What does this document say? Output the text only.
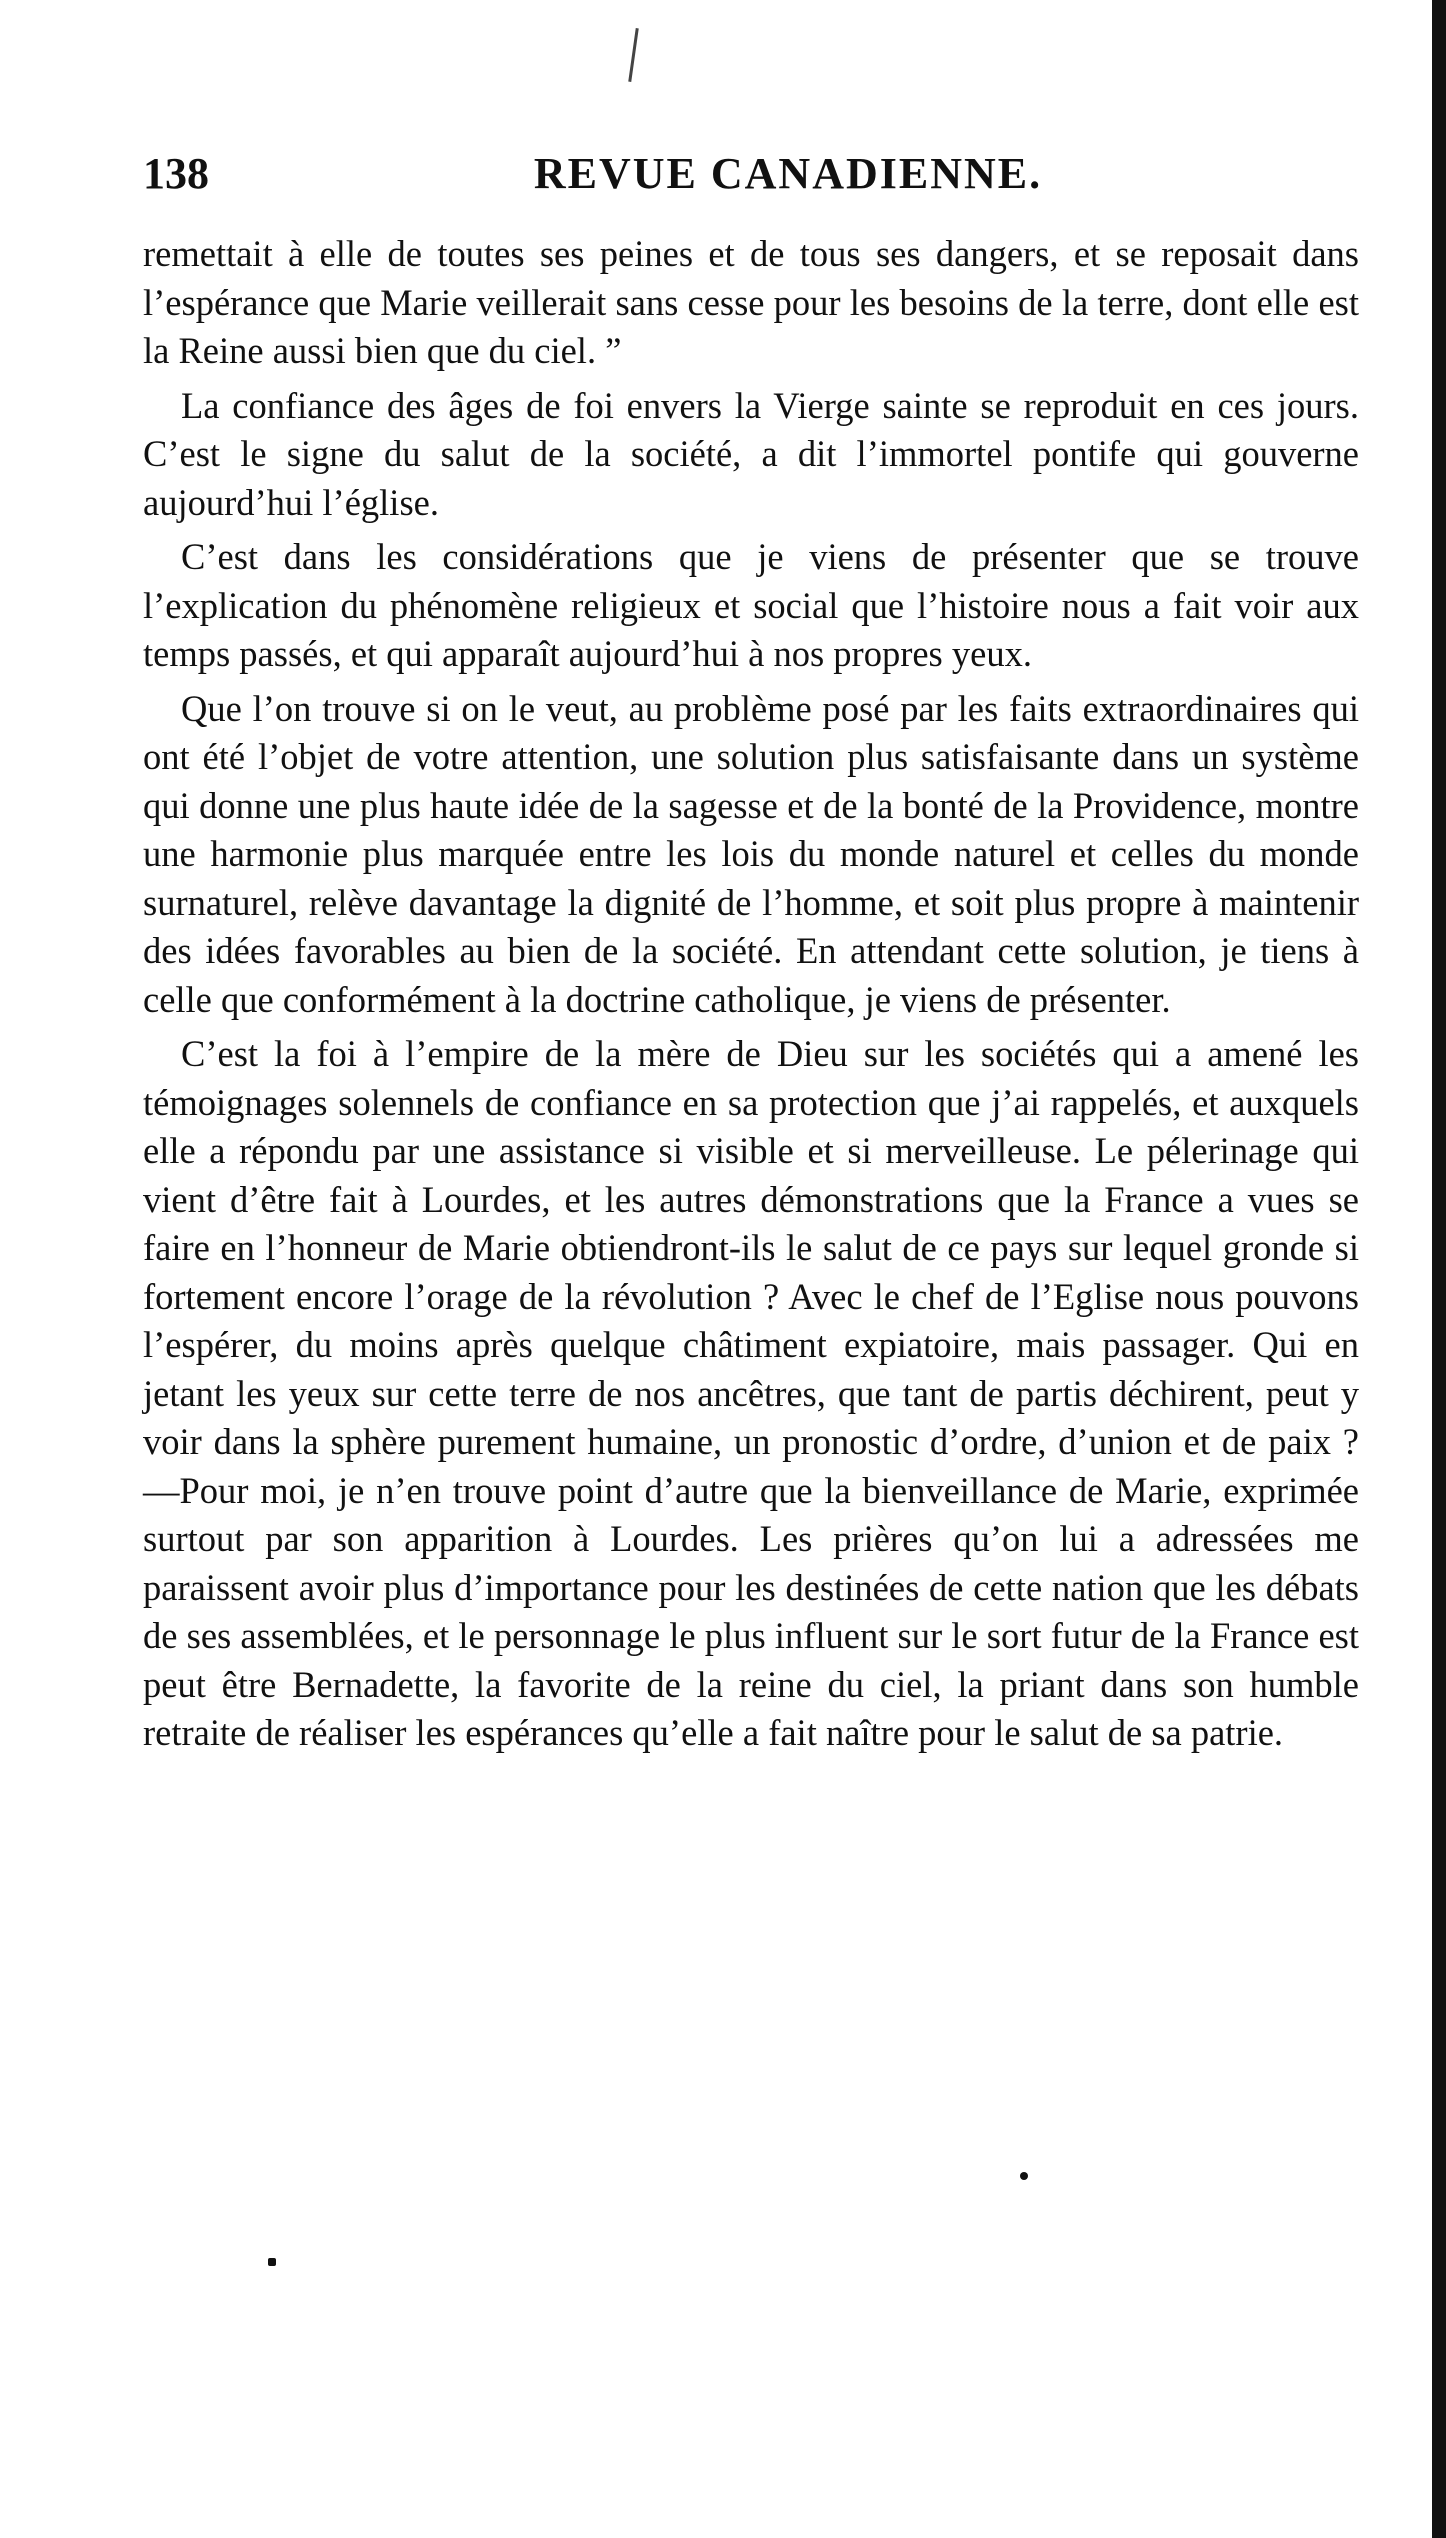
138	REVUE CANADIENNE.

remettait à elle de toutes ses peines et de tous ses dangers, et se reposait dans l’espérance que Marie veillerait sans cesse pour les besoins de la terre, dont elle est la Reine aussi bien que du ciel. ”

La confiance des âges de foi envers la Vierge sainte se reproduit en ces jours. C’est le signe du salut de la société, a dit l’immortel pontife qui gouverne aujourd’hui l’église.

C’est dans les considérations que je viens de présenter que se trouve l’explication du phénomène religieux et social que l’histoire nous a fait voir aux temps passés, et qui apparaît aujourd’hui à nos propres yeux.

Que l’on trouve si on le veut, au problème posé par les faits extraordinaires qui ont été l’objet de votre attention, une solution plus satisfaisante dans un système qui donne une plus haute idée de la sagesse et de la bonté de la Providence, montre une harmonie plus marquée entre les lois du monde naturel et celles du monde surnaturel, relève davantage la dignité de l’homme, et soit plus propre à maintenir des idées favorables au bien de la société. En attendant cette solution, je tiens à celle que conformément à la doctrine catholique, je viens de présenter.

C’est la foi à l’empire de la mère de Dieu sur les sociétés qui a amené les témoignages solennels de confiance en sa protection que j’ai rappelés, et auxquels elle a répondu par une assistance si visible et si merveilleuse. Le pélerinage qui vient d’être fait à Lourdes, et les autres démonstrations que la France a vues se faire en l’honneur de Marie obtiendront-ils le salut de ce pays sur lequel gronde si fortement encore l’orage de la révolution ? Avec le chef de l’Eglise nous pouvons l’espérer, du moins après quelque châtiment expiatoire, mais passager. Qui en jetant les yeux sur cette terre de nos ancêtres, que tant de partis déchirent, peut y voir dans la sphère purement humaine, un pronostic d’ordre, d’union et de paix ?—Pour moi, je n’en trouve point d’autre que la bienveillance de Marie, exprimée surtout par son apparition à Lourdes. Les prières qu’on lui a adressées me paraissent avoir plus d’importance pour les destinées de cette nation que les débats de ses assemblées, et le personnage le plus influent sur le sort futur de la France est peut être Bernadette, la favorite de la reine du ciel, la priant dans son humble retraite de réaliser les espérances qu’elle a fait naître pour le salut de sa patrie.
